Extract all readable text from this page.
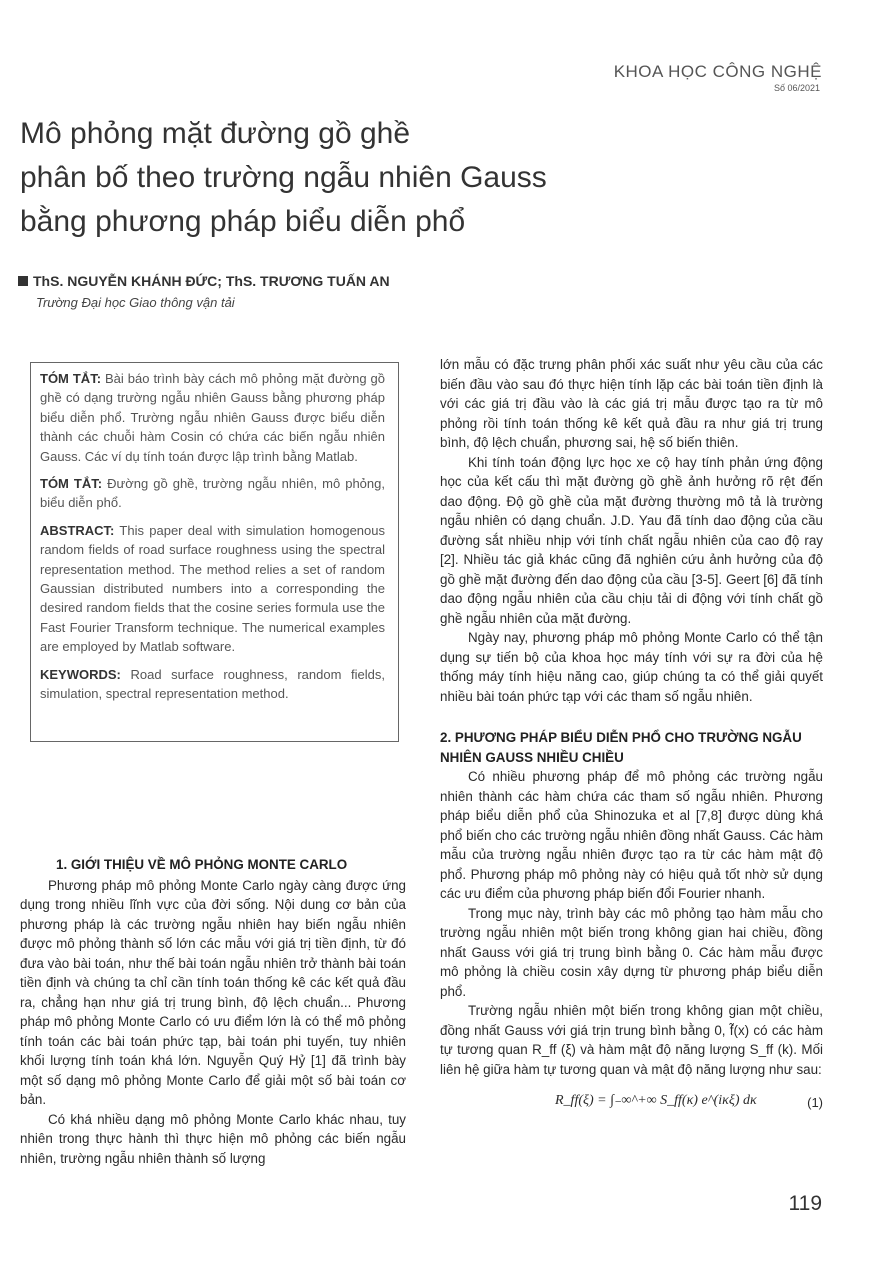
KHOA HỌC CÔNG NGHỆ
Số 06/2021
Mô phỏng mặt đường gồ ghề
phân bố theo trường ngẫu nhiên Gauss
bằng phương pháp biểu diễn phổ
ThS. NGUYỄN KHÁNH ĐỨC; ThS. TRƯƠNG TUẤN AN
Trường Đại học Giao thông vận tải

TÓM TẮT: Bài báo trình bày cách mô phỏng mặt đường gồ ghề có dạng trường ngẫu nhiên Gauss bằng phương pháp biểu diễn phổ. Trường ngẫu nhiên Gauss được biểu diễn thành các chuỗi hàm Cosin có chứa các biến ngẫu nhiên Gauss. Các ví dụ tính toán được lập trình bằng Matlab.

TÓM TẮT: Đường gồ ghề, trường ngẫu nhiên, mô phỏng, biểu diễn phổ.

ABSTRACT: This paper deal with simulation homogenous random fields of road surface roughness using the spectral representation method. The method relies a set of random Gaussian distributed numbers into a corresponding the desired random fields that the cosine series formula use the Fast Fourier Transform technique. The numerical examples are employed by Matlab software.

KEYWORDS: Road surface roughness, random fields, simulation, spectral representation method.

1. GIỚI THIỆU VỀ MÔ PHỎNG MONTE CARLO

Phương pháp mô phỏng Monte Carlo ngày càng được ứng dụng trong nhiều lĩnh vực của đời sống. Nội dung cơ bản của phương pháp là các trường ngẫu nhiên hay biến ngẫu nhiên được mô phỏng thành số lớn các mẫu với giá trị tiền định, từ đó đưa vào bài toán, như thế bài toán ngẫu nhiên trở thành bài toán tiền định và chúng ta chỉ cần tính toán thống kê các kết quả đầu ra, chẳng hạn như giá trị trung bình, độ lệch chuẩn... Phương pháp mô phỏng Monte Carlo có ưu điểm lớn là có thể mô phỏng tính toán các bài toán phức tạp, bài toán phi tuyến, tuy nhiên khối lượng tính toán khá lớn. Nguyễn Quý Hỷ [1] đã trình bày một số dạng mô phỏng Monte Carlo để giải một số bài toán cơ bản.

Có khá nhiều dạng mô phỏng Monte Carlo khác nhau, tuy nhiên trong thực hành thì thực hiện mô phỏng các biến ngẫu nhiên, trường ngẫu nhiên thành số lượng

lớn mẫu có đặc trưng phân phối xác suất như yêu cầu của các biến đầu vào sau đó thực hiện tính lặp các bài toán tiền định là với các giá trị đầu vào là các giá trị mẫu được tạo ra từ mô phỏng rồi tính toán thống kê kết quả đầu ra như giá trị trung bình, độ lệch chuẩn, phương sai, hệ số biến thiên.

Khi tính toán động lực học xe cộ hay tính phản ứng động học của kết cấu thì mặt đường gồ ghề ảnh hưởng rõ rệt đến dao động. Độ gồ ghề của mặt đường thường mô tả là trường ngẫu nhiên có dạng chuẩn. J.D. Yau đã tính dao động của cầu đường sắt nhiều nhịp với tính chất ngẫu nhiên của cao độ ray [2]. Nhiều tác giả khác cũng đã nghiên cứu ảnh hưởng của độ gồ ghề mặt đường đến dao động của cầu [3-5]. Geert [6] đã tính dao động ngẫu nhiên của cầu chịu tải di động với tính chất gồ ghề ngẫu nhiên của mặt đường.

Ngày nay, phương pháp mô phỏng Monte Carlo có thể tận dụng sự tiến bộ của khoa học máy tính với sự ra đời của hệ thống máy tính hiệu năng cao, giúp chúng ta có thể giải quyết nhiều bài toán phức tạp với các tham số ngẫu nhiên.

2. PHƯƠNG PHÁP BIỂU DIỄN PHỔ CHO TRƯỜNG NGẪU NHIÊN GAUSS NHIỀU CHIỀU

Có nhiều phương pháp để mô phỏng các trường ngẫu nhiên thành các hàm chứa các tham số ngẫu nhiên. Phương pháp biểu diễn phổ của Shinozuka et al [7,8] được dùng khá phổ biến cho các trường ngẫu nhiên đồng nhất Gauss. Các hàm mẫu của trường ngẫu nhiên được tạo ra từ các hàm mật độ phổ. Phương pháp mô phỏng này có hiệu quả tốt nhờ sử dụng các ưu điểm của phương pháp biến đổi Fourier nhanh.

Trong mục này, trình bày các mô phỏng tạo hàm mẫu cho trường ngẫu nhiên một biến trong không gian hai chiều, đồng nhất Gauss với giá trị trung bình bằng 0. Các hàm mẫu được mô phỏng là chiều cosin xây dựng từ phương pháp biểu diễn phổ.

Trường ngẫu nhiên một biến trong không gian một chiều, đồng nhất Gauss với giá trịn trung bình bằng 0, f̃(x) có các hàm tự tương quan R_ff (ξ) và hàm mật độ năng lượng S_ff (k). Mối liên hệ giữa hàm tự tương quan và mật độ năng lượng như sau:

R_ff(ξ) = ∫₋∞^+∞ S_ff(κ) e^(iκξ) dκ	(1)
119
